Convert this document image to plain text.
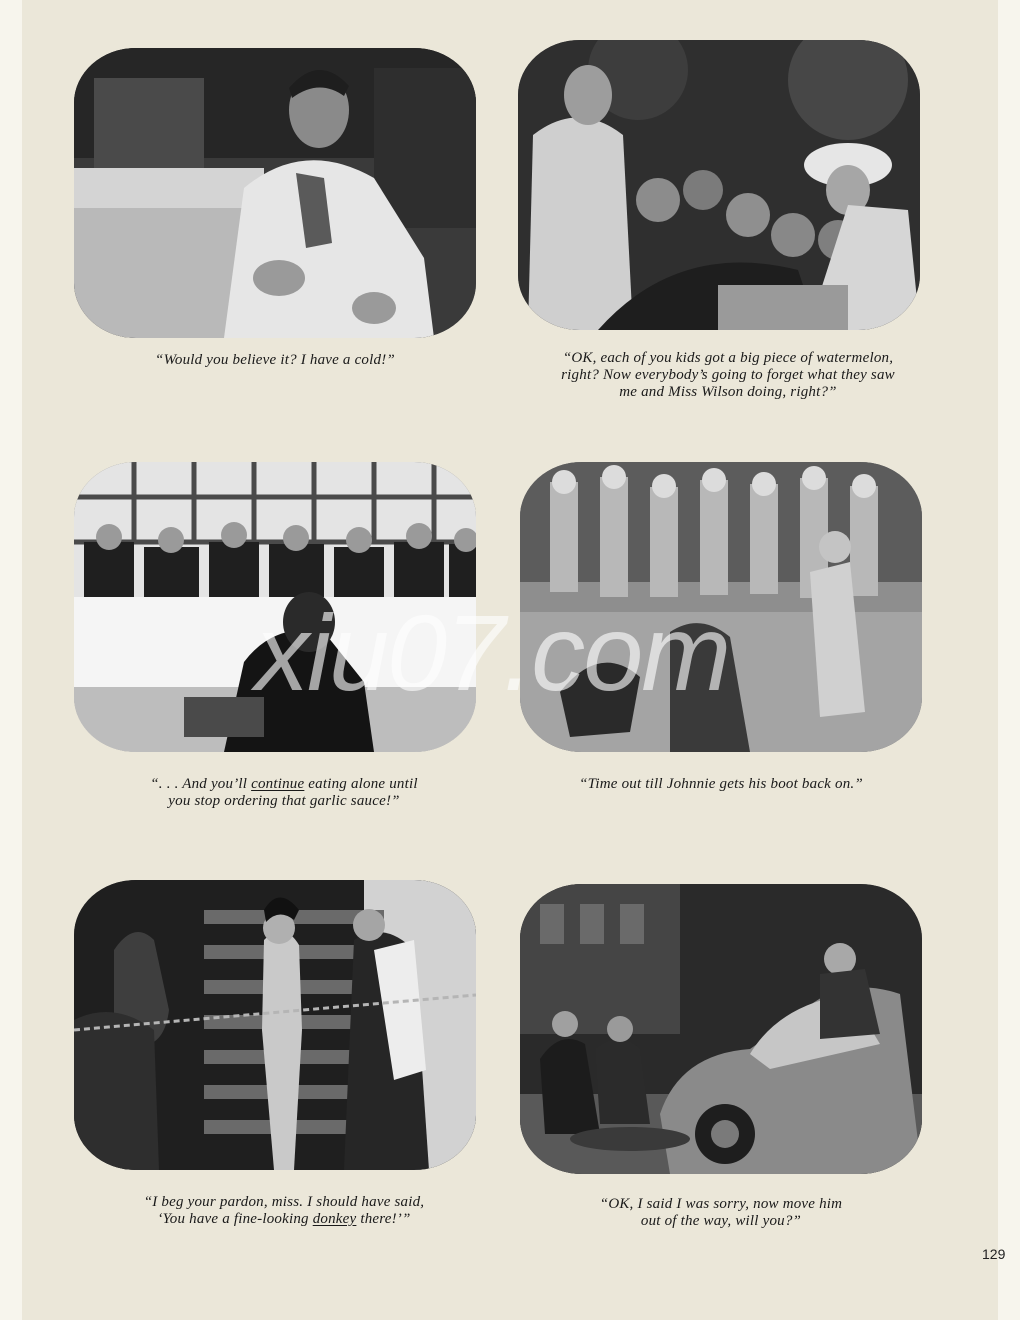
“Would you believe it? I have a cold!”	“OK, each of you kids got a big piece of watermelon,
right? Now everybody’s going to forget what they saw
me and Miss Wilson doing, right?”
“. . . And you’ll continue eating alone until
you stop ordering that garlic sauce!”
“Time out till Johnnie gets his boot back on.”
“I beg your pardon, miss. I should have said,
‘You have a fine-looking donkey there!’”
“OK, I said I was sorry, now move him
out of the way, will you?”
129
xiu07.com
